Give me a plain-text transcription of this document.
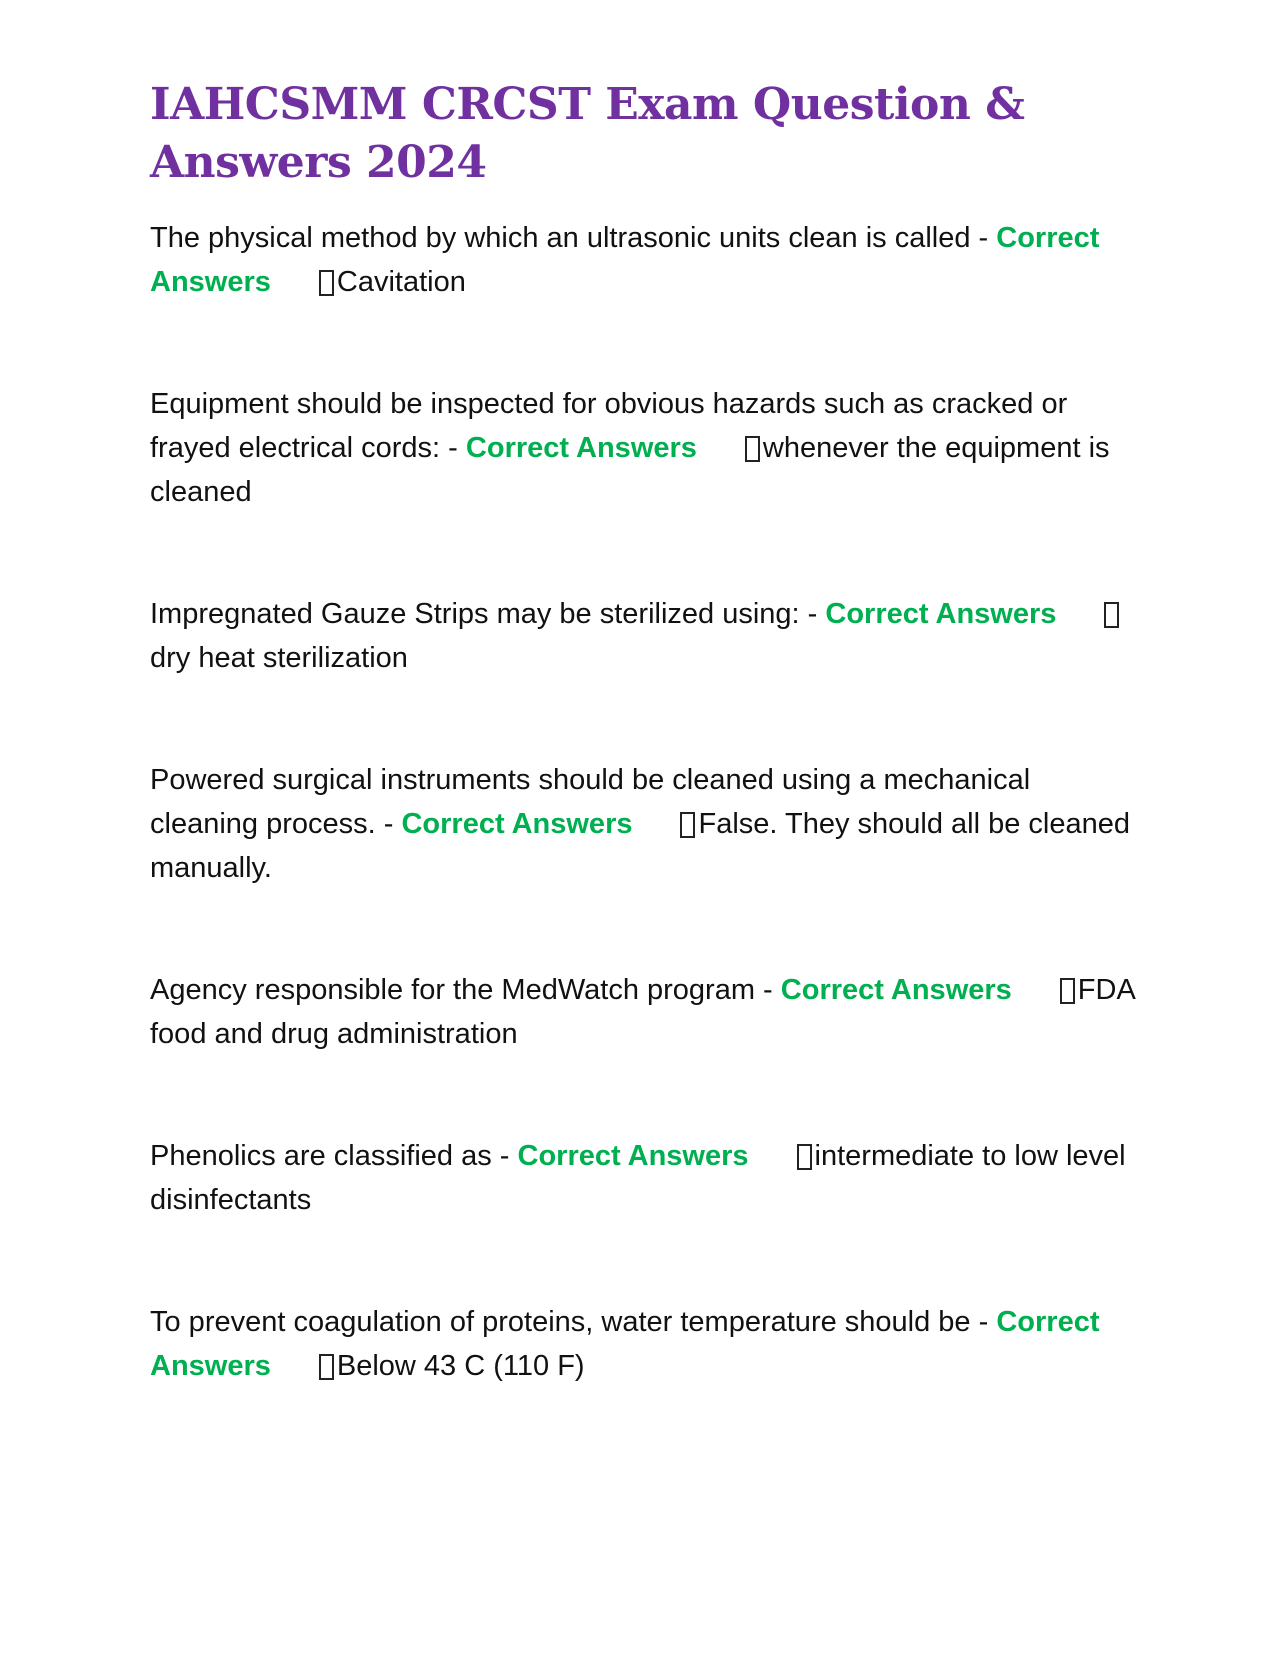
IAHCSMM CRCST Exam Question & Answers 2024

The physical method by which an ultrasonic units clean is called - Correct Answers Cavitation

Equipment should be inspected for obvious hazards such as cracked or frayed electrical cords: - Correct Answers whenever the equipment is cleaned

Impregnated Gauze Strips may be sterilized using: - Correct Answersdry heat sterilization

Powered surgical instruments should be cleaned using a mechanical cleaning process. - Correct Answers False. They should all be cleaned manually.

Agency responsible for the MedWatch program - Correct Answers FDA food and drug administration

Phenolics are classified as - Correct Answers intermediate to low level disinfectants

To prevent coagulation of proteins, water temperature should be - Correct Answers Below 43 C (110 F)
